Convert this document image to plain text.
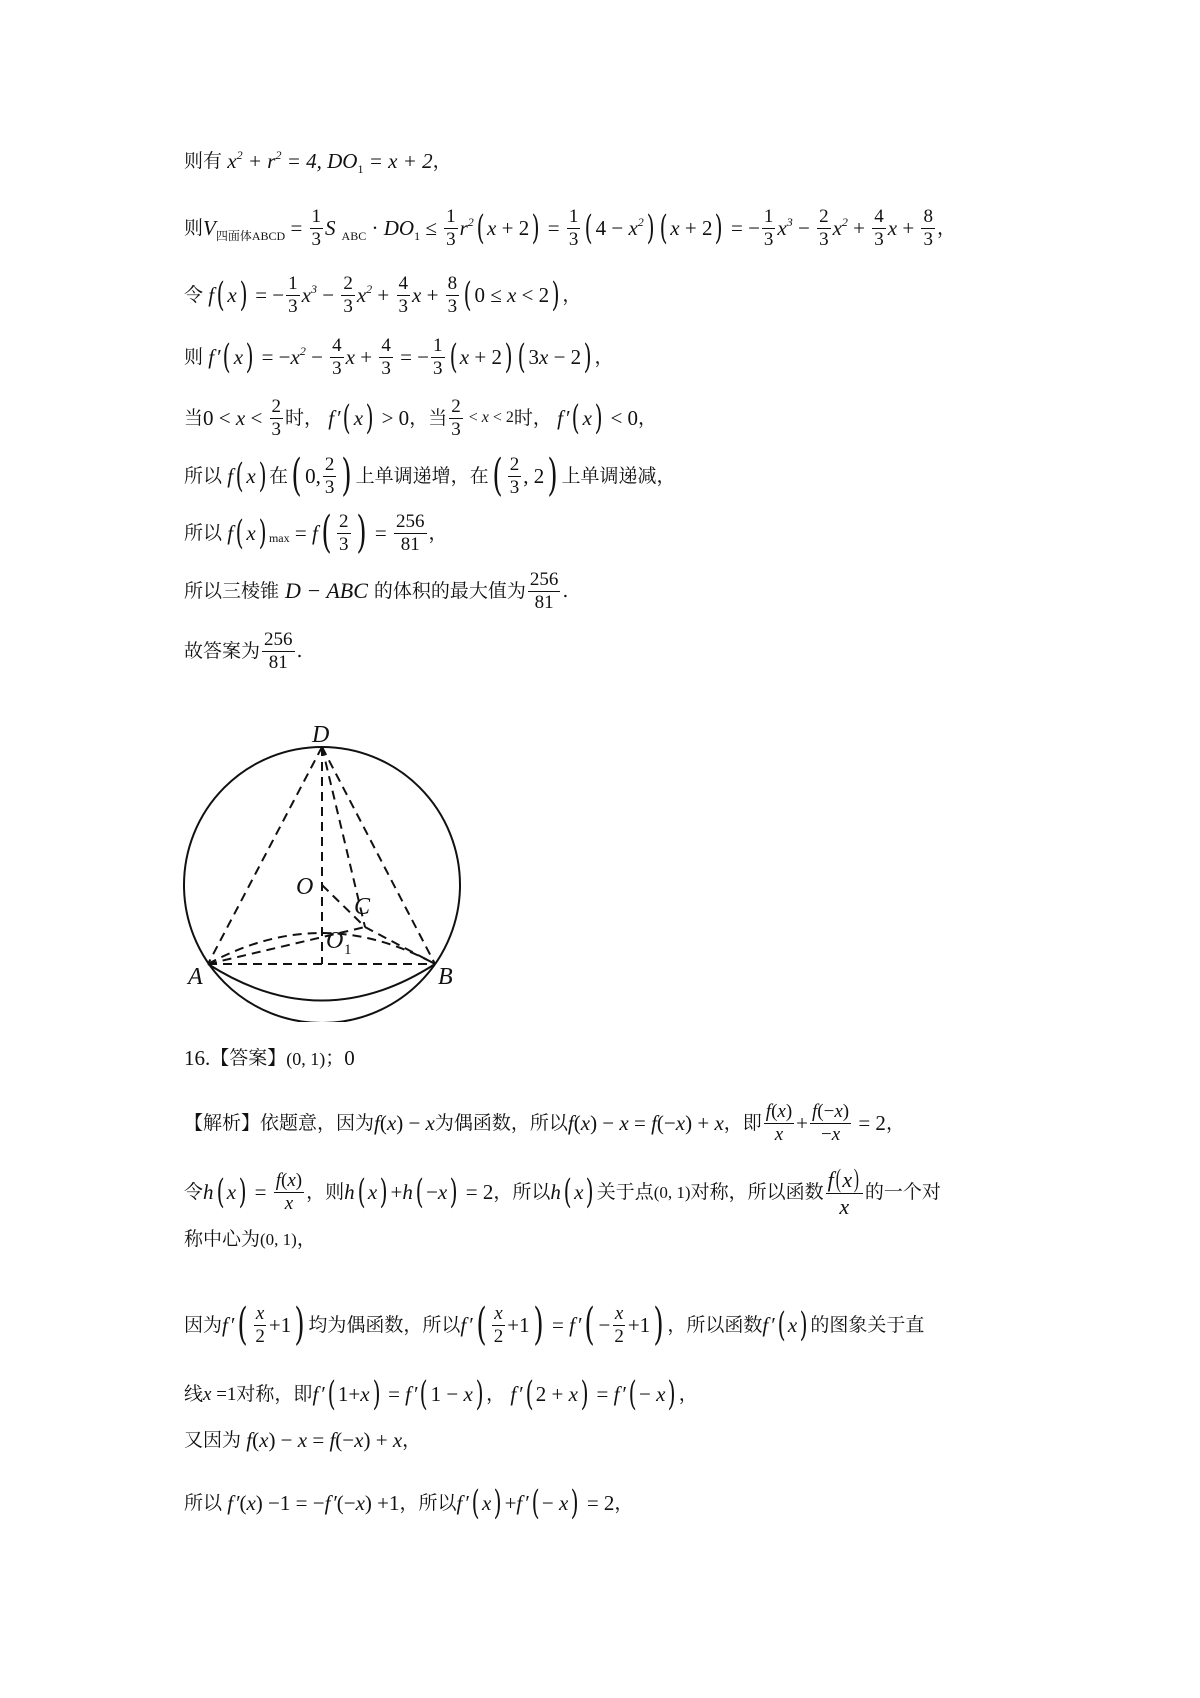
则有 $x^2 + r^2 = 4$, $DO_1 = x + 2$ ，
则 $V_{四面体ABCD} = \frac{1}{3}$ S  $_{ABC} \cdot DO_1 \le \frac{1}{3} r^2$ ( x + 2 ) = $\frac{1}{3}$ ( $4 - x^2$ ) ( x + 2 ) = − $\frac{1}{3} x^3 - \frac{2}{3} x^2 + \frac{4}{3}$ $x + \frac{8}{3}$ ，
令 f ( x ) = − $\frac{1}{3} x^3 - \frac{2}{3} x^2 + \frac{4}{3}$ $x + \frac{8}{3}$ ( 0 ≤ x < 2 ) ，
则 f ′ ( x ) = − $x^2 - \frac{4}{3}$ $x + \frac{4}{3}$ = − $\frac{1}{3}$ ( x + 2 ) ( 3 x − 2 ) ，
当 $0 < x < \frac{2}{3}$ 时， f ′ ( x ) > 0 ，当 $\frac{2}{3} < x < 2$ 时， f ′ ( x ) < 0 ，
所以 f ( x ) 在 ( 0, $\frac{2}{3}$ ) 上单调递增，在 ( $\frac{2}{3}$ , 2 ) 上单调递减，
所以 f ( x ) max = f ( $\frac{2}{3}$ ) = $\frac{256}{81}$ ，
所以三棱锥 D − ABC 的体积的最大值为 $\frac{256}{81}$ .
故答案为 $\frac{256}{81}$ .
D
O
C
O 1
A	B
16. 【答案】 (0, 1) ； 0
【解析】 依题意，因为 f ( x ) − x 为偶函数，所以 f ( x ) − x = f (− x ) + x ，即 $\frac{f(x)}{x} + \frac{f(-x)}{-x} = 2$ ，
令 h ( x ) = $\frac{f(x)}{x}$ ，则 h ( x ) + h ( − x ) = 2 ，所以 h ( x ) 关于点 (0, 1) 对称，所以函数 $\frac{f(x)}{x}$ 的一个对
称中心为 (0, 1) ，
因为 f ′ ( $\frac{x}{2} +1$ ) 均为偶函数，所以 f ′ ( $\frac{x}{2} +1$ ) = f ′ ( − $\frac{x}{2} +1$ ) ，所以函数 f ′ ( x ) 的图象关于直
线 x =1 对称，即 f ′ ( 1+ x ) = f ′ ( 1 − x ) ， f ′ ( 2 + x ) = f ′ ( − x ) ，
又因为 f ( x ) − x = f (− x ) + x ，
所以 f ′ ( x ) −1 = − f ′ (− x ) +1 ，所以 f ′ ( x ) + f ′ ( − x ) = 2 ，
